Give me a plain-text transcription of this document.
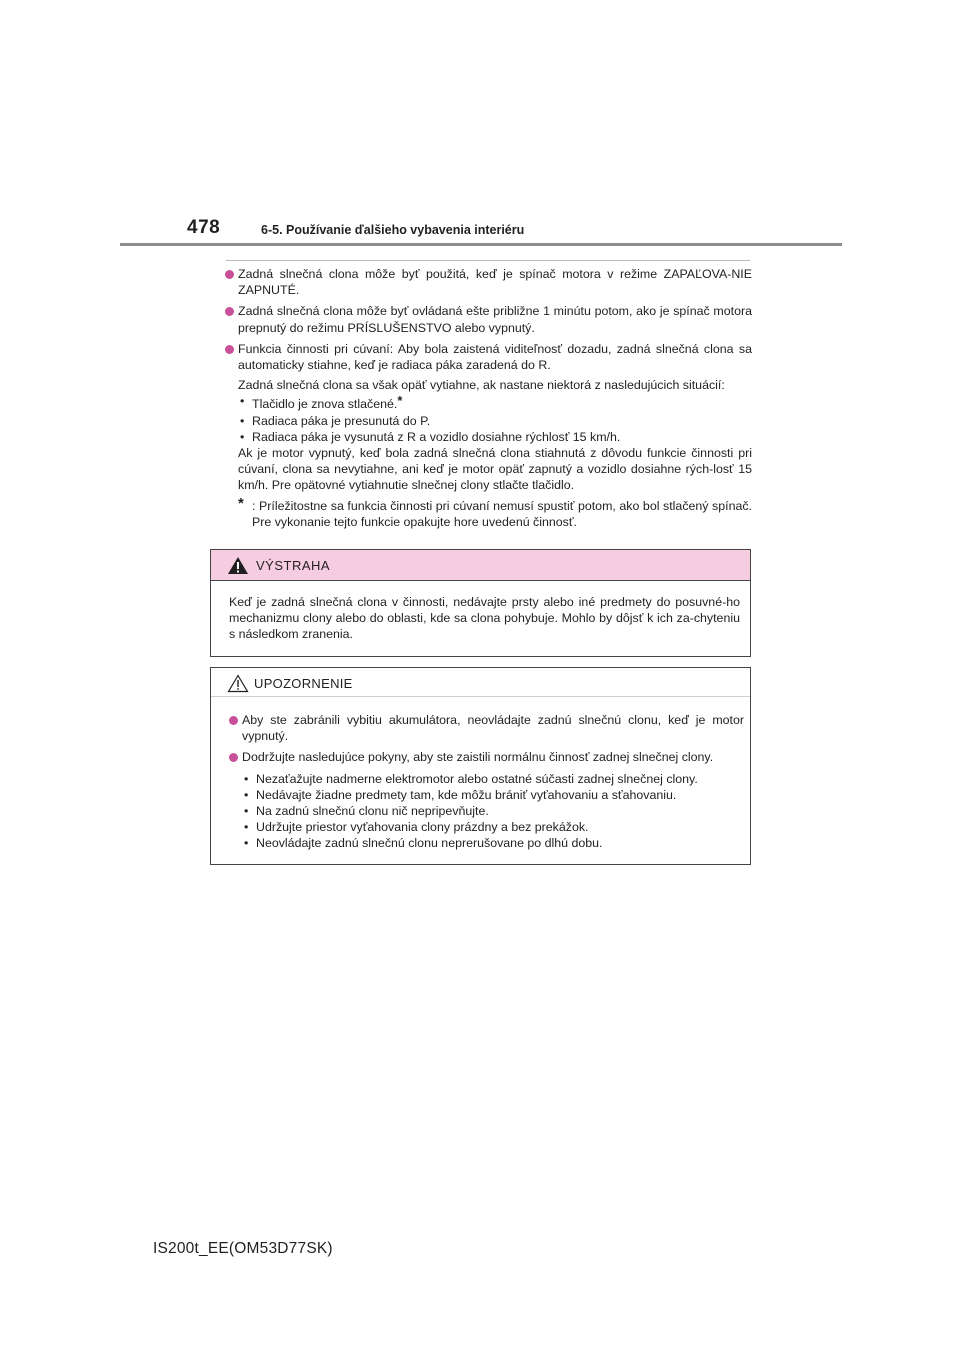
478	6-5. Používanie ďalšieho vybavenia interiéru
Zadná slnečná clona môže byť použitá, keď je spínač motora v režime ZAPAĽOVA-NIE ZAPNUTÉ.
Zadná slnečná clona môže byť ovládaná ešte približne 1 minútu potom, ako je spínač motora prepnutý do režimu PRÍSLUŠENSTVO alebo vypnutý.
Funkcia činnosti pri cúvaní: Aby bola zaistená viditeľnosť dozadu, zadná slnečná clona sa automaticky stiahne, keď je radiaca páka zaradená do R.
Zadná slnečná clona sa však opäť vytiahne, ak nastane niektorá z nasledujúcich situácií:
• Tlačidlo je znova stlačené.*
• Radiaca páka je presunutá do P.
• Radiaca páka je vysunutá z R a vozidlo dosiahne rýchlosť 15 km/h.
Ak je motor vypnutý, keď bola zadná slnečná clona stiahnutá z dôvodu funkcie činnosti pri cúvaní, clona sa nevytiahne, ani keď je motor opäť zapnutý a vozidlo dosiahne rých-losť 15 km/h. Pre opätovné vytiahnutie slnečnej clony stlačte tlačidlo.
* : Príležitostne sa funkcia činnosti pri cúvaní nemusí spustiť potom, ako bol stlačený spínač. Pre vykonanie tejto funkcie opakujte hore uvedenú činnosť.
VÝSTRAHA
Keď je zadná slnečná clona v činnosti, nedávajte prsty alebo iné predmety do posuvné-ho mechanizmu clony alebo do oblasti, kde sa clona pohybuje. Mohlo by dôjsť k ich za-chyteniu s následkom zranenia.
UPOZORNENIE
Aby ste zabránili vybitiu akumulátora, neovládajte zadnú slnečnú clonu, keď je motor vypnutý.
Dodržujte nasledujúce pokyny, aby ste zaistili normálnu činnosť zadnej slnečnej clony.
• Nezaťažujte nadmerne elektromotor alebo ostatné súčasti zadnej slnečnej clony.
• Nedávajte žiadne predmety tam, kde môžu brániť vyťahovaniu a sťahovaniu.
• Na zadnú slnečnú clonu nič nepripevňujte.
• Udržujte priestor vyťahovania clony prázdny a bez prekážok.
• Neovládajte zadnú slnečnú clonu neprerušovane po dlhú dobu.
IS200t_EE(OM53D77SK)
